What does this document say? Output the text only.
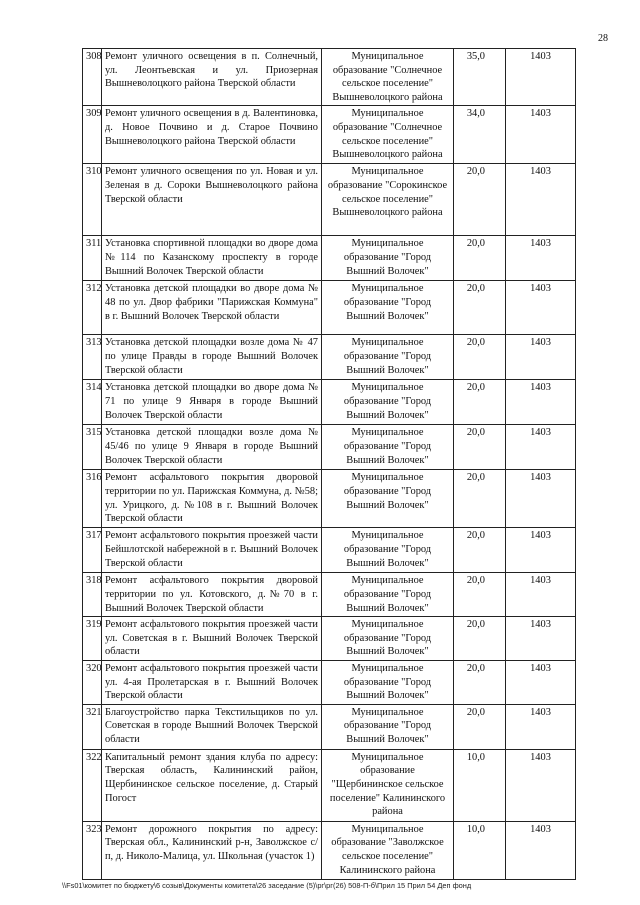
28
308	Ремонт уличного освещения в п. Солнечный, ул. Леонтьевская и ул. Приозерная Вышневолоцкого района Тверской области	Муниципальное образование "Солнечное сельское поселение" Вышневолоцкого района	35,0	1403
309	Ремонт уличного освещения в д. Валентиновка, д. Новое Почвино и д. Старое Почвино Вышневолоцкого района Тверской области	Муниципальное образование "Солнечное сельское поселение" Вышневолоцкого района	34,0	1403
310	Ремонт уличного освещения по ул. Новая и ул. Зеленая в д. Сороки Вышневолоцкого района Тверской области	Муниципальное образование "Сорокинское сельское поселение" Вышневолоцкого района	20,0	1403
311	Установка спортивной площадки во дворе дома №114 по Казанскому проспекту в городе Вышний Волочек Тверской области	Муниципальное образование "Город Вышний Волочек"	20,0	1403
312	Установка детской площадки во дворе дома № 48 по ул. Двор фабрики "Парижская Коммуна" в г. Вышний Волочек Тверской области	Муниципальное образование "Город Вышний Волочек"	20,0	1403
313	Установка детской площадки возле дома № 47 по улице Правды в городе Вышний Волочек Тверской области	Муниципальное образование "Город Вышний Волочек"	20,0	1403
314	Установка детской площадки во дворе дома № 71 по улице 9 Января в городе Вышний Волочек Тверской области	Муниципальное образование "Город Вышний Волочек"	20,0	1403
315	Установка детской площадки возле дома № 45/46 по улице 9 Января в городе Вышний Волочек Тверской области	Муниципальное образование "Город Вышний Волочек"	20,0	1403
316	Ремонт асфальтового покрытия дворовой территории по ул. Парижская Коммуна, д. №58; ул. Урицкого, д. №108 в г. Вышний Волочек Тверской области	Муниципальное образование "Город Вышний Волочек"	20,0	1403
317	Ремонт асфальтового покрытия проезжей части Бейшлотской набережной в г. Вышний Волочек Тверской области	Муниципальное образование "Город Вышний Волочек"	20,0	1403
318	Ремонт асфальтового покрытия дворовой территории по ул. Котовского, д.№70 в г. Вышний Волочек Тверской области	Муниципальное образование "Город Вышний Волочек"	20,0	1403
319	Ремонт асфальтового покрытия проезжей части ул. Советская в г. Вышний Волочек Тверской области	Муниципальное образование "Город Вышний Волочек"	20,0	1403
320	Ремонт асфальтового покрытия проезжей части ул. 4-ая Пролетарская в г. Вышний Волочек Тверской области	Муниципальное образование "Город Вышний Волочек"	20,0	1403
321	Благоустройство парка Текстильщиков по ул. Советская в городе Вышний Волочек Тверской области	Муниципальное образование "Город Вышний Волочек"	20,0	1403
322	Капитальный ремонт здания клуба по адресу: Тверская область, Калининский район, Щербининское сельское поселение, д. Старый Погост	Муниципальное образование "Щербининское сельское поселение" Калининского района	10,0	1403
323	Ремонт дорожного покрытия по адресу: Тверская обл., Калининский р-н, Заволжское с/п, д. Николо-Малица, ул. Школьная (участок 1)	Муниципальное образование "Заволжское сельское поселение" Калининского района	10,0	1403
\\Fs01\комитет по бюджету\6 созыв\Документы комитета\26 заседание (5)\рг\рг(26) 508-П-б\Прил 15 Прил 54 Деп фонд
